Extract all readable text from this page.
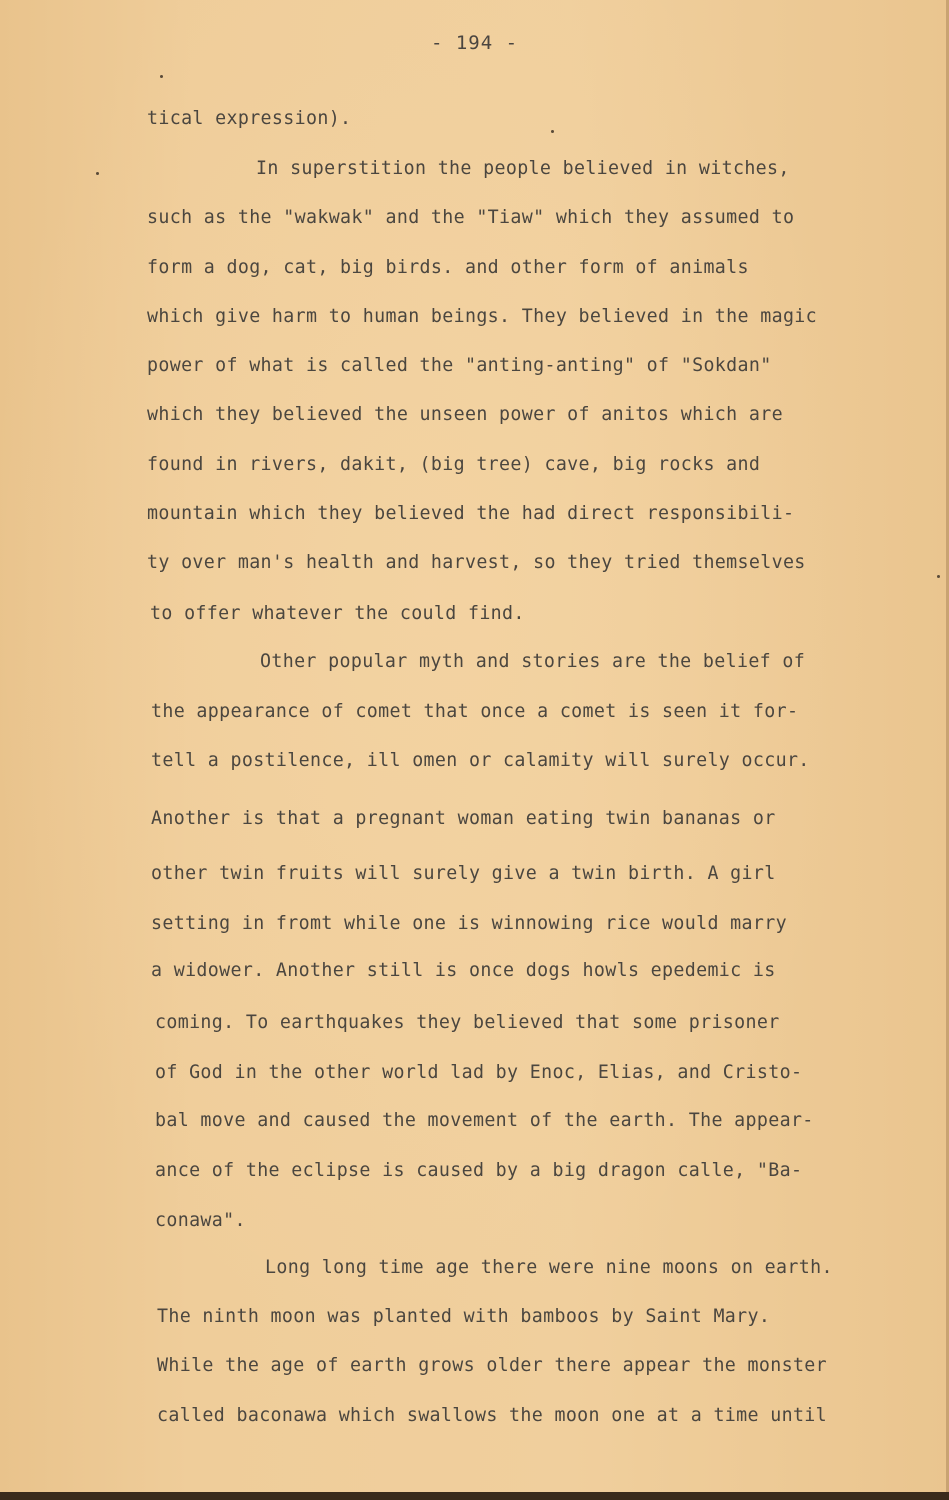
- 194 -
tical expression).
In superstition the people believed in witches,
such as the "wakwak" and the "Tiaw" which they assumed to
form a dog, cat, big birds. and other form of animals
which give harm to human beings. They believed in the magic
power of what is called the "anting-anting" of "Sokdan"
which they believed the unseen power of anitos which are
found in rivers, dakit, (big tree) cave, big rocks and
mountain which they believed the had direct responsibili-
ty over man's health and harvest, so they tried themselves
to offer whatever the could find.
Other popular myth and stories are the belief of
the appearance of comet that once a comet is seen it for-
tell a postilence, ill omen or calamity will surely occur.
Another is that a pregnant woman eating twin bananas or
other twin fruits will surely give a twin birth. A girl
setting in fromt while one is winnowing rice would marry
a widower. Another still is once dogs howls epedemic is
coming. To earthquakes they believed that some prisoner
of God in the other world lad by Enoc, Elias, and Cristo-
bal move and caused the movement of the earth. The appear-
ance of the eclipse is caused by a big dragon calle, "Ba-
conawa".
Long long time age there were nine moons on earth.
The ninth moon was planted with bamboos by Saint Mary.
While the age of earth grows older there appear the monster
called baconawa which swallows the moon one at a time until
